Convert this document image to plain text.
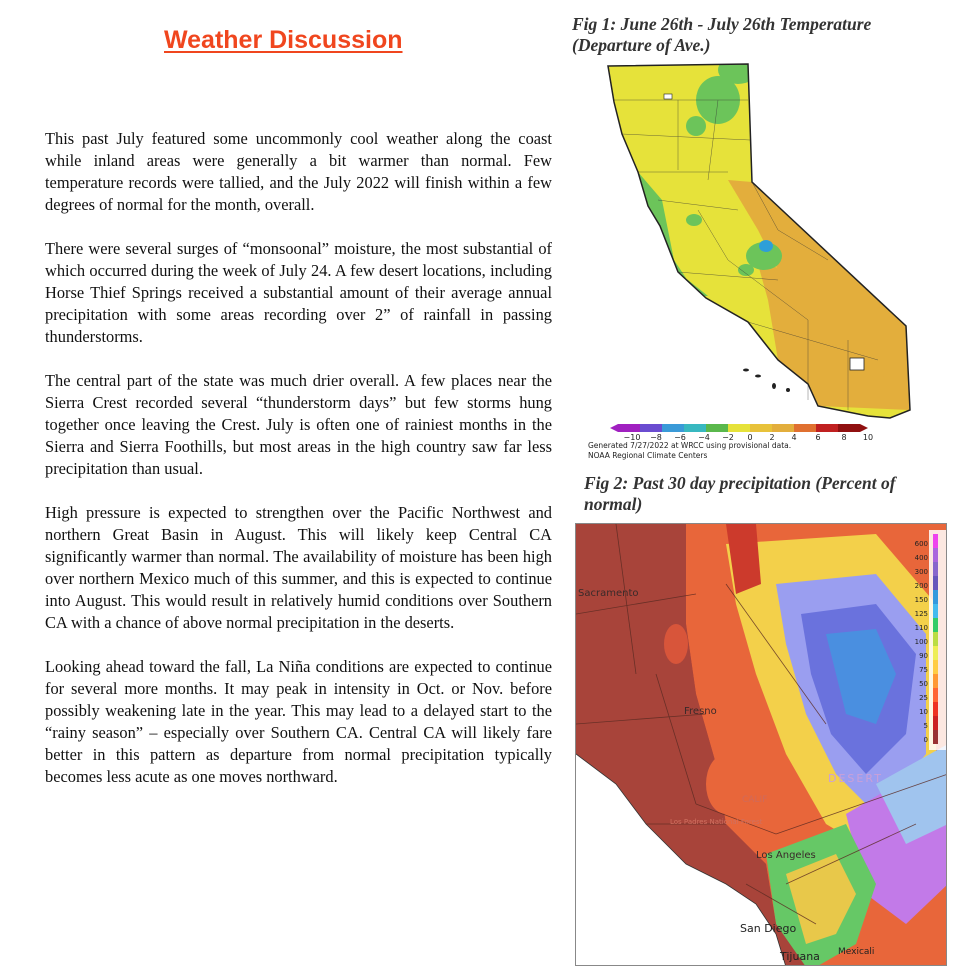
Weather Discussion

This past July featured some uncommonly cool weather along the coast while inland areas were generally a bit warmer than normal. Few temperature records were tallied, and the July 2022 will finish within a few degrees of normal for the month, overall.

There were several surges of “monsoonal” moisture, the most substantial of which occurred during the week of July 24. A few desert locations, including Horse Thief Springs received a substantial amount of their average annual precipitation with some areas recording over 2” of rainfall in passing thunderstorms.

The central part of the state was much drier overall. A few places near the Sierra Crest recorded several “thunderstorm days” but few storms hung together once leaving the Crest. July is often one of rainiest months in the Sierra and Sierra Foothills, but most areas in the high country saw far less precipitation than usual.

High pressure is expected to strengthen over the Pacific Northwest and northern Great Basin in August. This will likely keep Central CA significantly warmer than normal. The availability of moisture has been high over northern Mexico much of this summer, and this is expected to continue into August. This would result in relatively humid conditions over Southern CA with a chance of above normal precipitation in the deserts.

Looking ahead toward the fall, La Niña conditions are expected to continue for several more months. It may peak in intensity in Oct. or Nov. before possibly weakening late in the year. This may lead to a delayed start to the “rainy season” – especially over Southern CA. Central CA will likely fare better in this pattern as departure from normal precipitation typically becomes less acute as one moves northward.

Fig 1: June 26th - July 26th Temperature (Departure of Ave.)
−10 −8 −6 −4 −2 0 2 4 6	8 10
Generated 7/27/2022 at WRCC using provisional data.
NOAA Regional Climate Centers
Fig 2: Past 30 day precipitation (Percent of normal)
600
400
300
200
150
125
110
100
90
75
50
25
10
5
0
Sacramento
Fresno
Los Angeles
San Diego
Tijuana Mexicali
Los Padres National Forest
DESERT
CALIF
